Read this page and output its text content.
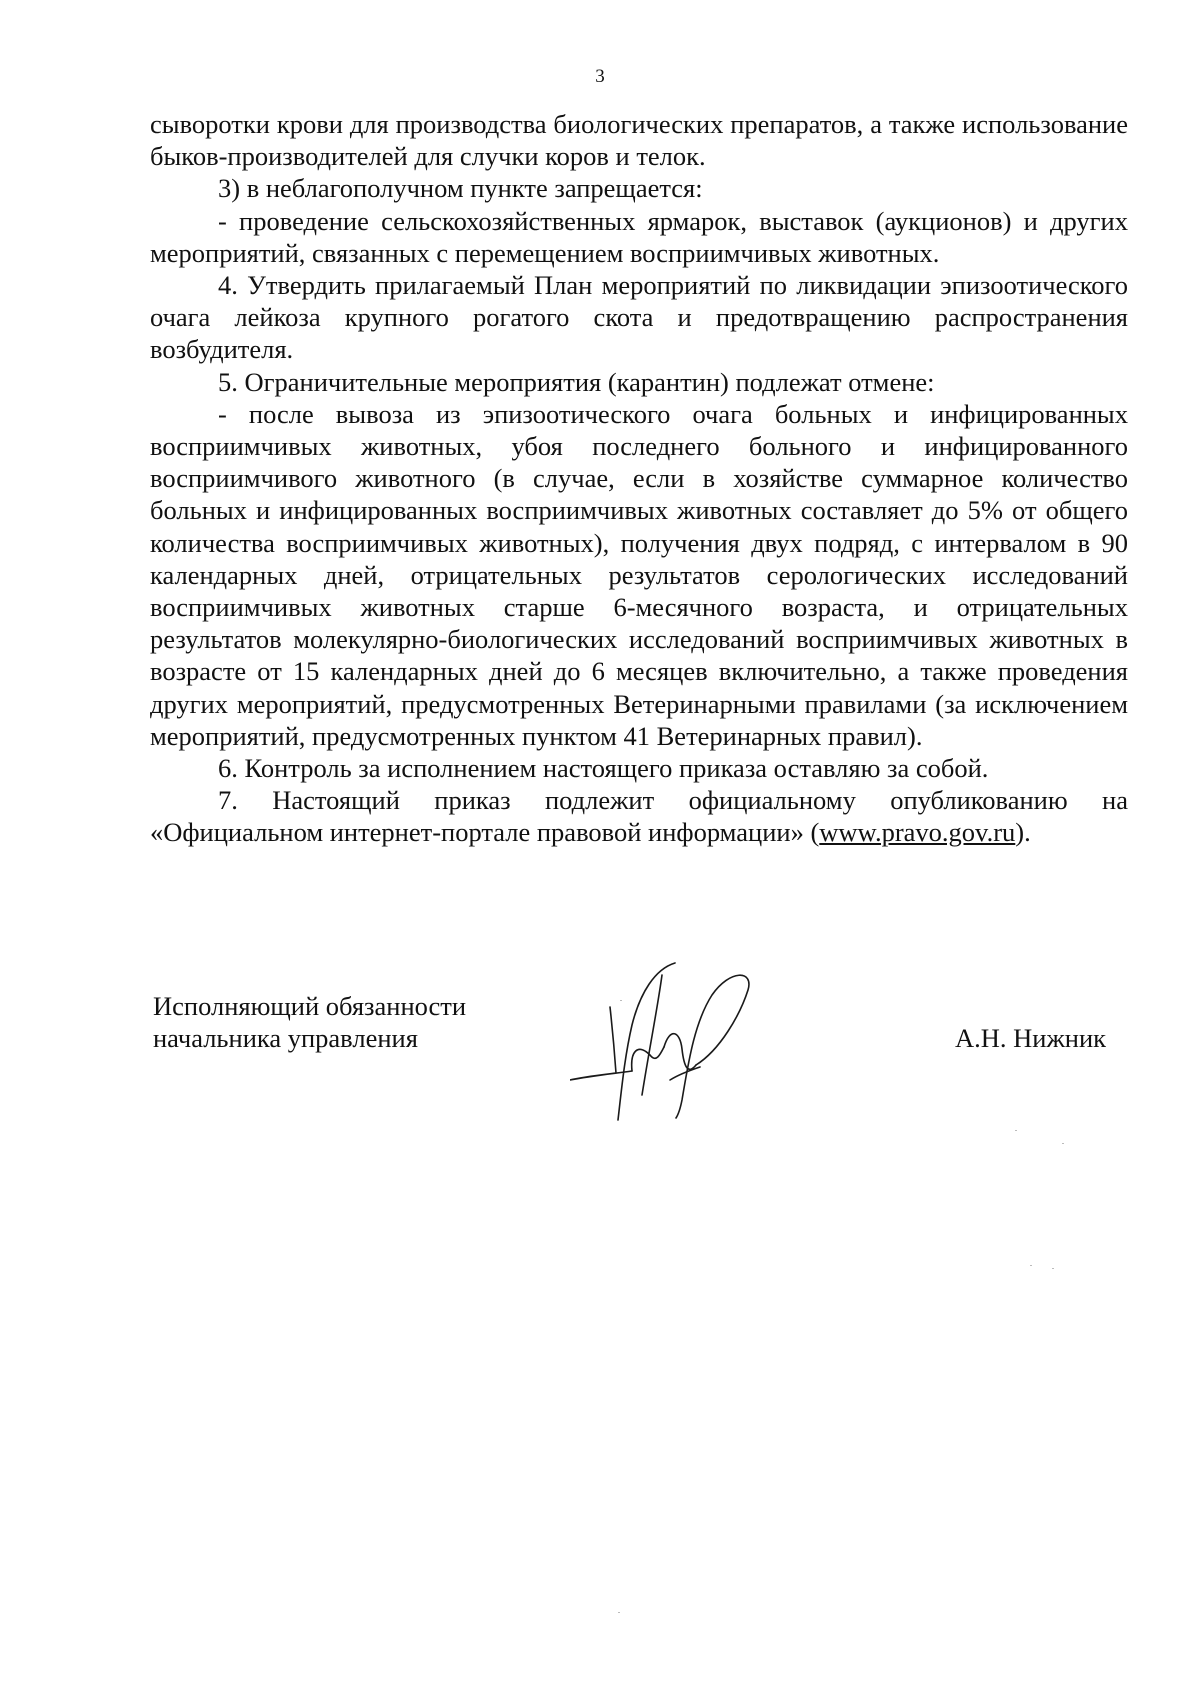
3

сыворотки крови для производства биологических препаратов, а также использование быков-производителей для случки коров и телок.

3) в неблагополучном пункте запрещается:

- проведение сельскохозяйственных ярмарок, выставок (аукционов) и других мероприятий, связанных с перемещением восприимчивых животных.

4. Утвердить прилагаемый План мероприятий по ликвидации эпизоотического очага лейкоза крупного рогатого скота и предотвращению распространения возбудителя.

5. Ограничительные мероприятия (карантин) подлежат отмене:

- после вывоза из эпизоотического очага больных и инфицированных восприимчивых животных, убоя последнего больного и инфицированного восприимчивого животного (в случае, если в хозяйстве суммарное количество больных и инфицированных восприимчивых животных составляет до 5% от общего количества восприимчивых животных), получения двух подряд, с интервалом в 90 календарных дней, отрицательных результатов серологических исследований восприимчивых животных старше 6-месячного возраста, и отрицательных результатов молекулярно-биологических исследований восприимчивых животных в возрасте от 15 календарных дней до 6 месяцев включительно, а также проведения других мероприятий, предусмотренных Ветеринарными правилами (за исключением мероприятий, предусмотренных пунктом 41 Ветеринарных правил).

6. Контроль за исполнением настоящего приказа оставляю за собой.

7. Настоящий приказ подлежит официальному опубликованию на «Официальном интернет-портале правовой информации» (www.pravo.gov.ru).

Исполняющий обязанности
начальника управления	А.Н. Нижник
